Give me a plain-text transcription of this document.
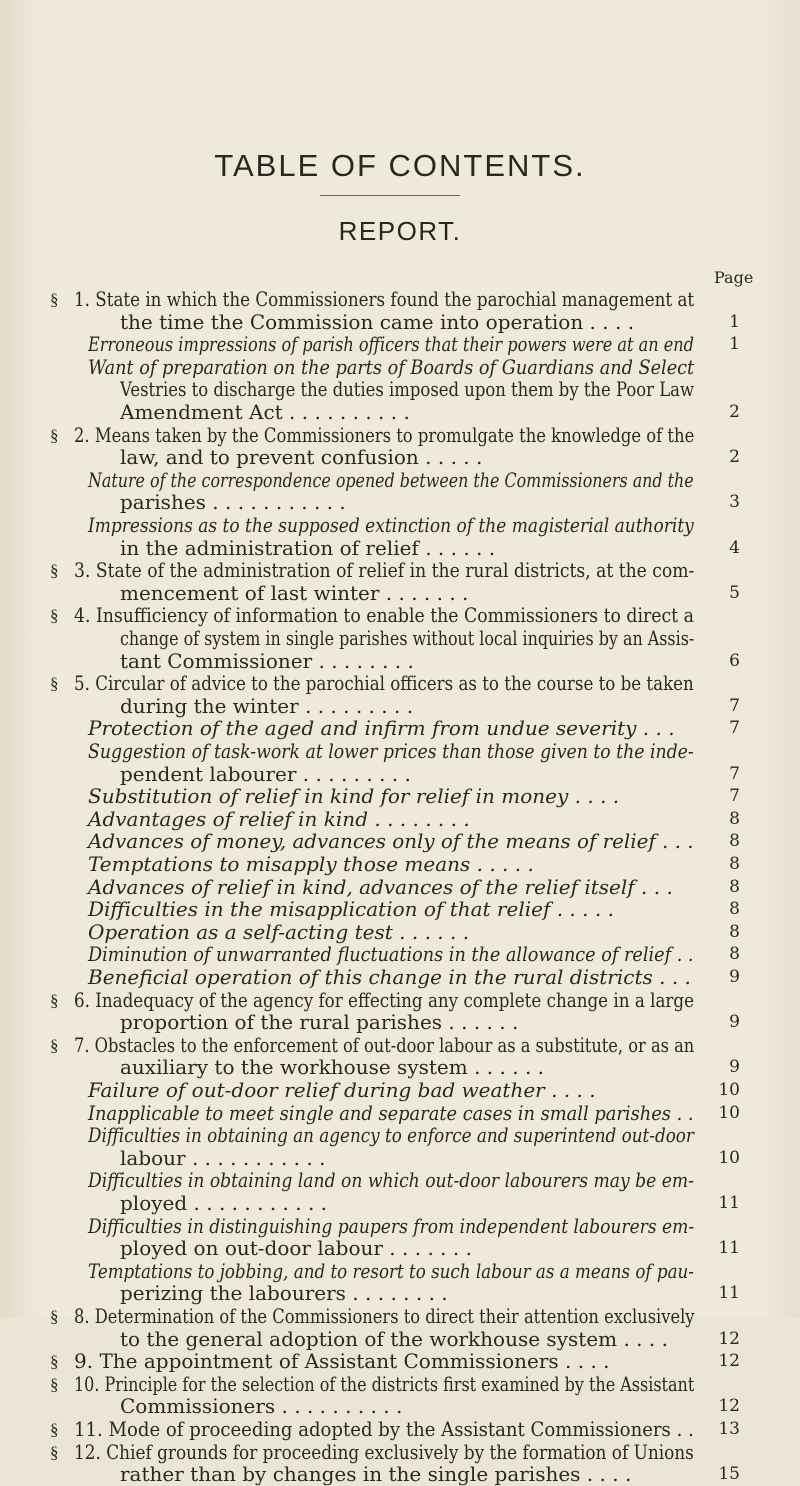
TABLE OF CONTENTS.
REPORT.
Page
§ 1. State in which the Commissioners found the parochial management at
the time the Commission came into operation . . . .	1
Erroneous impressions of parish officers that their powers were at an end	1
Want of preparation on the parts of Boards of Guardians and Select
Vestries to discharge the duties imposed upon them by the Poor Law
Amendment Act . . . . . . . . . .	2
§ 2. Means taken by the Commissioners to promulgate the knowledge of the
law, and to prevent confusion . . . . .	2
Nature of the correspondence opened between the Commissioners and the
parishes . . . . . . . . . . .	3
Impressions as to the supposed extinction of the magisterial authority
in the administration of relief . . . . . .	4
§ 3. State of the administration of relief in the rural districts, at the com-
mencement of last winter . . . . . . .	5
§ 4. Insufficiency of information to enable the Commissioners to direct a
change of system in single parishes without local inquiries by an Assis-
tant Commissioner . . . . . . . .	6
§ 5. Circular of advice to the parochial officers as to the course to be taken
during the winter . . . . . . . . .	7
Protection of the aged and infirm from undue severity . . .	7
Suggestion of task-work at lower prices than those given to the inde-
pendent labourer . . . . . . . . .	7
Substitution of relief in kind for relief in money . . . .	7
Advantages of relief in kind . . . . . . . .	8
Advances of money, advances only of the means of relief . . .	8
Temptations to misapply those means . . . . .	8
Advances of relief in kind, advances of the relief itself . . .	8
Difficulties in the misapplication of that relief . . . . .	8
Operation as a self-acting test . . . . . .	8
Diminution of unwarranted fluctuations in the allowance of relief . .	8
Beneficial operation of this change in the rural districts . . .	9
§ 6. Inadequacy of the agency for effecting any complete change in a large
proportion of the rural parishes . . . . . .	9
§ 7. Obstacles to the enforcement of out-door labour as a substitute, or as an
auxiliary to the workhouse system . . . . . .	9
Failure of out-door relief during bad weather . . . .	10
Inapplicable to meet single and separate cases in small parishes . .	10
Difficulties in obtaining an agency to enforce and superintend out-door
labour . . . . . . . . . . .	10
Difficulties in obtaining land on which out-door labourers may be em-
ployed . . . . . . . . . . .	11
Difficulties in distinguishing paupers from independent labourers em-
ployed on out-door labour . . . . . . .	11
Temptations to jobbing, and to resort to such labour as a means of pau-
perizing the labourers . . . . . . . .	11
§ 8. Determination of the Commissioners to direct their attention exclusively
to the general adoption of the workhouse system . . . .	12
§ 9. The appointment of Assistant Commissioners . . . .	12
§ 10. Principle for the selection of the districts first examined by the Assistant
Commissioners . . . . . . . . . .	12
§ 11. Mode of proceeding adopted by the Assistant Commissioners . .	13
§ 12. Chief grounds for proceeding exclusively by the formation of Unions
rather than by changes in the single parishes . . . .	15
